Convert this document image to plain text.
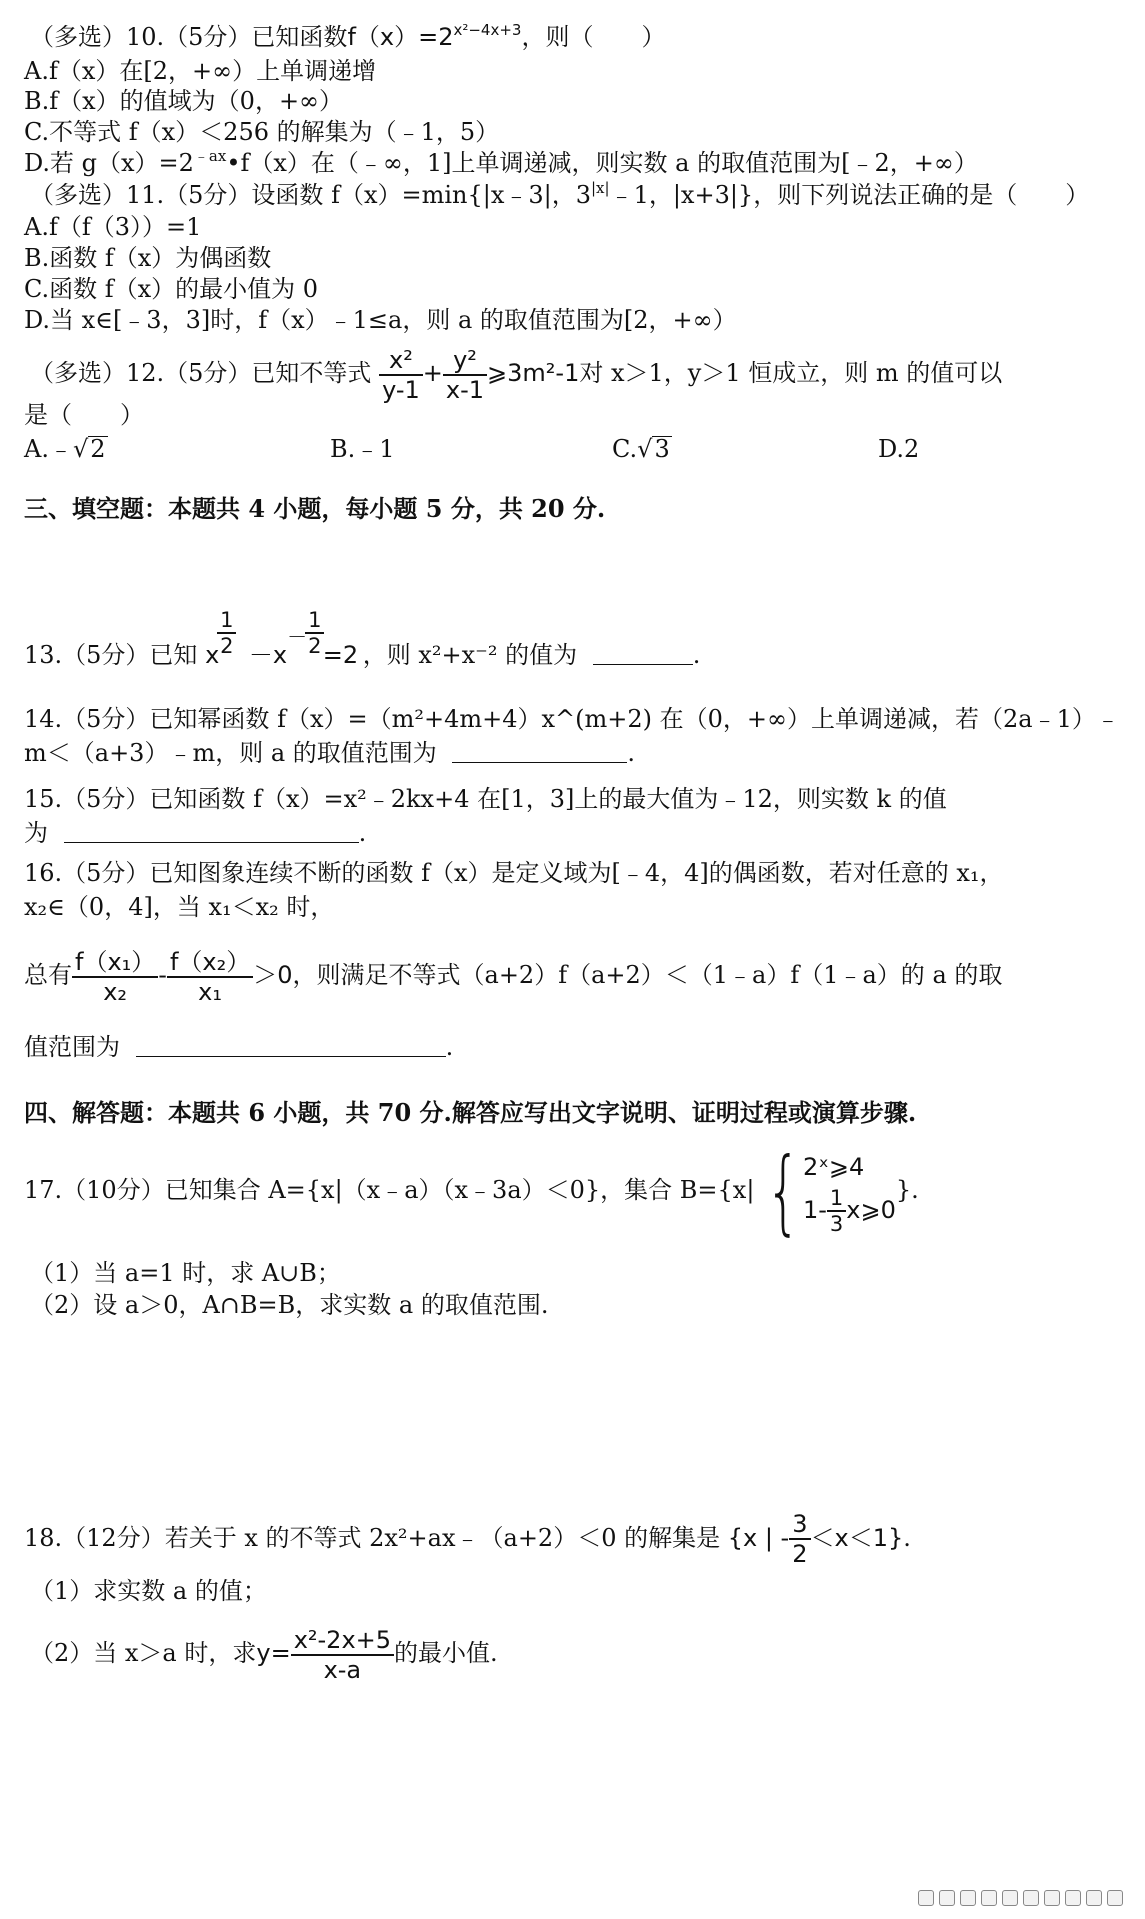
（多选）10.（5分）已知函数$f(x)=2^{x^2-4x+3}$，则（　　）
A.f（x）在[2，+∞）上单调递增
B.f（x）的值域为（0，+∞）
C.不等式 f（x）＜256 的解集为（﹣1，5）
D.若 $g(x)=2^{﹣ax}•f(x)$在（﹣∞，1]上单调递减，则实数 a 的取值范围为[﹣2，+∞）
（多选）11.（5分）设函数 f（x）=min{|x﹣3|，$3^{|x|}﹣1$，|x+3|}，则下列说法正确的是（　　）
A.f（f（3））=1
B.函数 f（x）为偶函数
C.函数 f（x）的最小值为 0
D.当 x∈[﹣3，3]时，f（x）﹣1≤a，则 a 的取值范围为[2，+∞）
（多选）12.（5分）已知不等式 $\frac{\text{x²}}{y-1} + \frac{\text{y²}}{x-1}$ ⩾3m²-1对 x＞1，y＞1 恒成立，则 m 的值可以
是（　　）
A.﹣√2	B.﹣1	C.√3	D.2
三、填空题：本题共 4 小题，每小题 5 分，共 20 分.
13.（5分）已知 x
$\frac{1}{2} -x$
－
$\frac{1}{2}$
=2 ，则 x²+x⁻² 的值为	.
14.（5分）已知幂函数 f（x）=（m²+4m+4）x^(m+2) 在（0，+∞）上单调递减，若（2a﹣1）﹣
m＜（a+3）﹣m，则 a 的取值范围为	.
15.（5分）已知函数 f（x）=x²﹣2kx+4 在[1，3]上的最大值为﹣12，则实数 k 的值
为	.
16.（5分）已知图象连续不断的函数 f（x）是定义域为[﹣4，4]的偶函数，若对任意的 x₁，
x₂∈（0，4]，当 x₁＜x₂ 时，
总有 $\frac{\text{f（x₁）}}{\text{x₂}} - \frac{\text{f（x₂）}}{\text{x₁}} >0$，则满足不等式（a+2）f（a+2）＜（1﹣a）f（1﹣a）的 a 的取
值范围为	.
四、解答题：本题共 6 小题，共 70 分.解答应写出文字说明、证明过程或演算步骤.
17.（10分）已知集合 A={x|（x﹣a）（x﹣3a）＜0}，集合 B={x| { 2ˣ⩾4
$1- \frac{1}{3}$ x⩾0
}.
（1）当 a=1 时，求 A∪B；
（2）设 a＞0，A∩B=B，求实数 a 的取值范围.
18.（12分）若关于 x 的不等式 2x²+ax﹣（a+2）＜0 的解集是 {x | - $\frac{3}{2} <x<1$}.
（1）求实数 a 的值；
（2）当 x＞a 时，求$y= \frac{\text{x²-2x+5}}{x-a}$ 的最小值.
